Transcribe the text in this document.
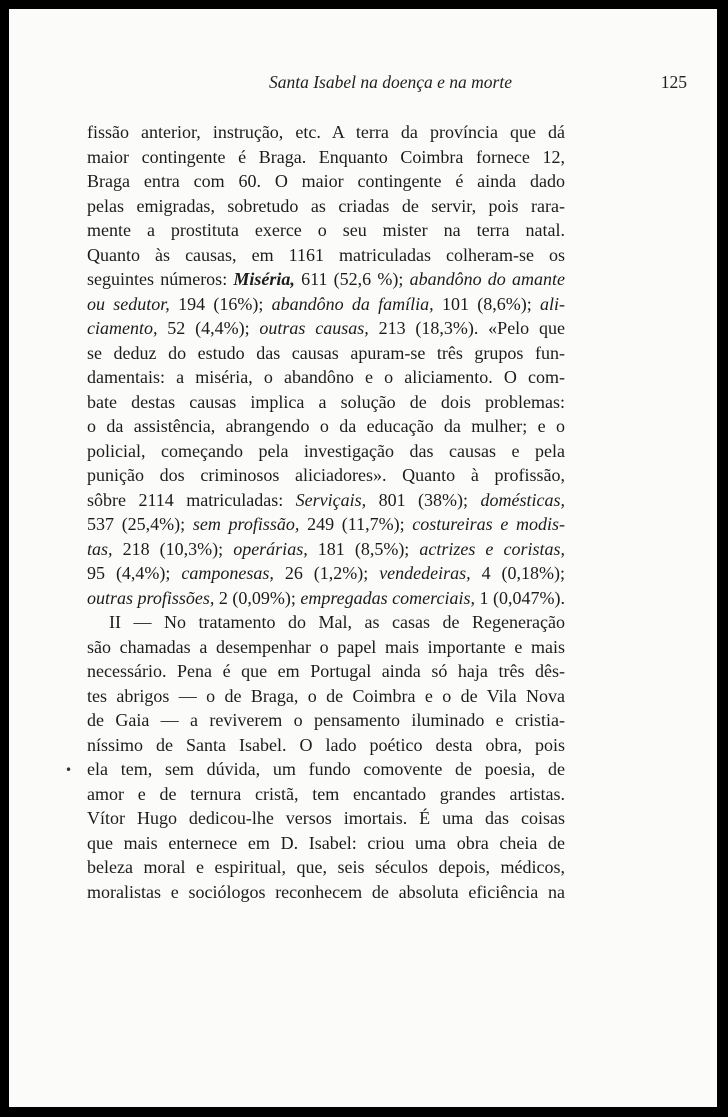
Santa Isabel na doença e na morte	125
•
fissão anterior, instrução, etc. A terra da província que dá
maior contingente é Braga. Enquanto Coimbra fornece 12,
Braga entra com 60. O maior contingente é ainda dado
pelas emigradas, sobretudo as criadas de servir, pois rara-
mente a prostituta exerce o seu mister na terra natal.
Quanto às causas, em 1161 matriculadas colheram-se os
seguintes números: Miséria, 611 (52,6 %); abandôno do amante
ou sedutor, 194 (16%); abandôno da família, 101 (8,6%); ali-
ciamento, 52 (4,4%); outras causas, 213 (18,3%). «Pelo que
se deduz do estudo das causas apuram-se três grupos fun-
damentais: a miséria, o abandôno e o aliciamento. O com-
bate destas causas implica a solução de dois problemas:
o da assistência, abrangendo o da educação da mulher; e o
policial, começando pela investigação das causas e pela
punição dos criminosos aliciadores». Quanto à profissão,
sôbre 2114 matriculadas: Serviçais, 801 (38%); domésticas,
537 (25,4%); sem profissão, 249 (11,7%); costureiras e modis-
tas, 218 (10,3%); operárias, 181 (8,5%); actrizes e coristas,
95 (4,4%); camponesas, 26 (1,2%); vendedeiras, 4 (0,18%);
outras profissões, 2 (0,09%); empregadas comerciais, 1 (0,047%).
II — No tratamento do Mal, as casas de Regeneração
são chamadas a desempenhar o papel mais importante e mais
necessário. Pena é que em Portugal ainda só haja três dês-
tes abrigos — o de Braga, o de Coimbra e o de Vila Nova
de Gaia — a reviverem o pensamento iluminado e cristia-
níssimo de Santa Isabel. O lado poético desta obra, pois
ela tem, sem dúvida, um fundo comovente de poesia, de
amor e de ternura cristã, tem encantado grandes artistas.
Vítor Hugo dedicou-lhe versos imortais. É uma das coisas
que mais enternece em D. Isabel: criou uma obra cheia de
beleza moral e espiritual, que, seis séculos depois, médicos,
moralistas e sociólogos reconhecem de absoluta eficiência na
